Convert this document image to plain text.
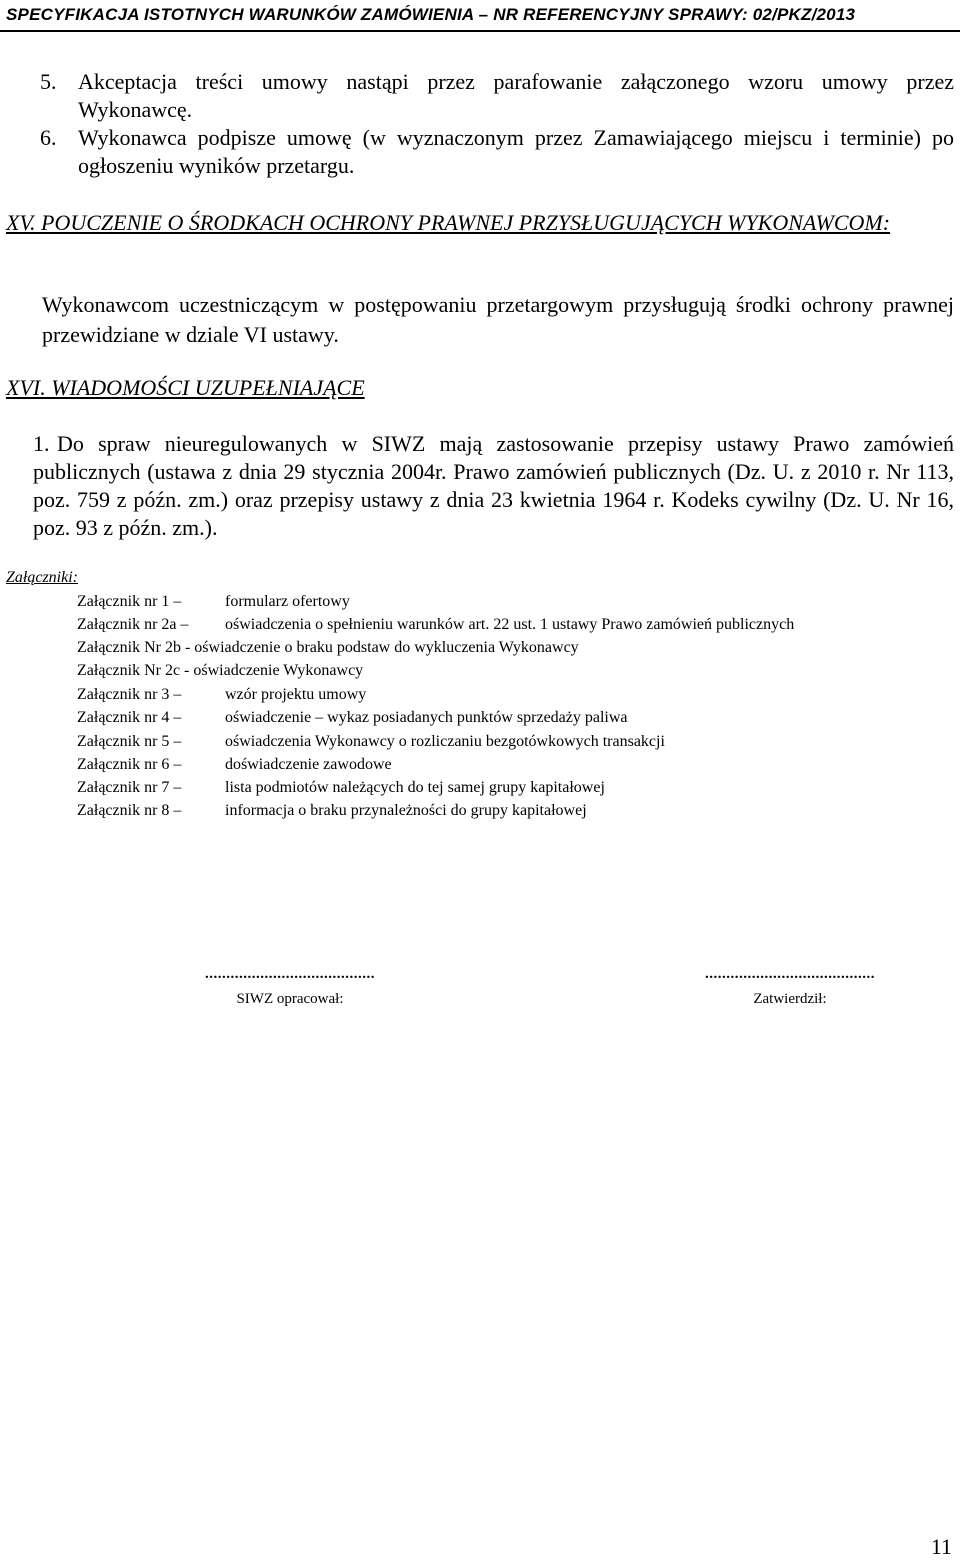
SPECYFIKACJA ISTOTNYCH WARUNKÓW ZAMÓWIENIA – NR REFERENCYJNY SPRAWY: 02/PKZ/2013
5. Akceptacja treści umowy nastąpi przez parafowanie załączonego wzoru umowy przez Wykonawcę.
6. Wykonawca podpisze umowę (w wyznaczonym przez Zamawiającego miejscu i terminie) po ogłoszeniu wyników przetargu.
XV. POUCZENIE O ŚRODKACH OCHRONY PRAWNEJ PRZYSŁUGUJĄCYCH WYKONAWCOM:
Wykonawcom uczestniczącym w postępowaniu przetargowym przysługują środki ochrony prawnej przewidziane w dziale VI ustawy.
XVI. WIADOMOŚCI UZUPEŁNIAJĄCE
1. Do spraw nieuregulowanych w SIWZ mają zastosowanie przepisy ustawy Prawo zamówień publicznych (ustawa z dnia 29 stycznia 2004r. Prawo zamówień publicznych (Dz. U. z 2010 r. Nr 113, poz. 759 z późn. zm.) oraz przepisy ustawy z dnia 23 kwietnia 1964 r. Kodeks cywilny (Dz. U. Nr 16, poz. 93 z późn. zm.).
Załączniki:
Załącznik nr 1 –	formularz ofertowy
Załącznik nr 2a – oświadczenia o spełnieniu warunków art. 22 ust. 1 ustawy Prawo zamówień publicznych
Załącznik Nr 2b - oświadczenie o braku podstaw do wykluczenia Wykonawcy
Załącznik Nr 2c - oświadczenie Wykonawcy
Załącznik nr 3 –	wzór projektu umowy
Załącznik nr 4 –	oświadczenie – wykaz posiadanych punktów sprzedaży paliwa
Załącznik nr 5 –	oświadczenia Wykonawcy o rozliczaniu bezgotówkowych transakcji
Załącznik nr 6 –	doświadczenie zawodowe
Załącznik nr 7 –	lista podmiotów należących do tej samej grupy kapitałowej
Załącznik nr 8 –	informacja o braku przynależności do grupy kapitałowej
........................................
SIWZ opracował:
........................................
Zatwierdził:
11
